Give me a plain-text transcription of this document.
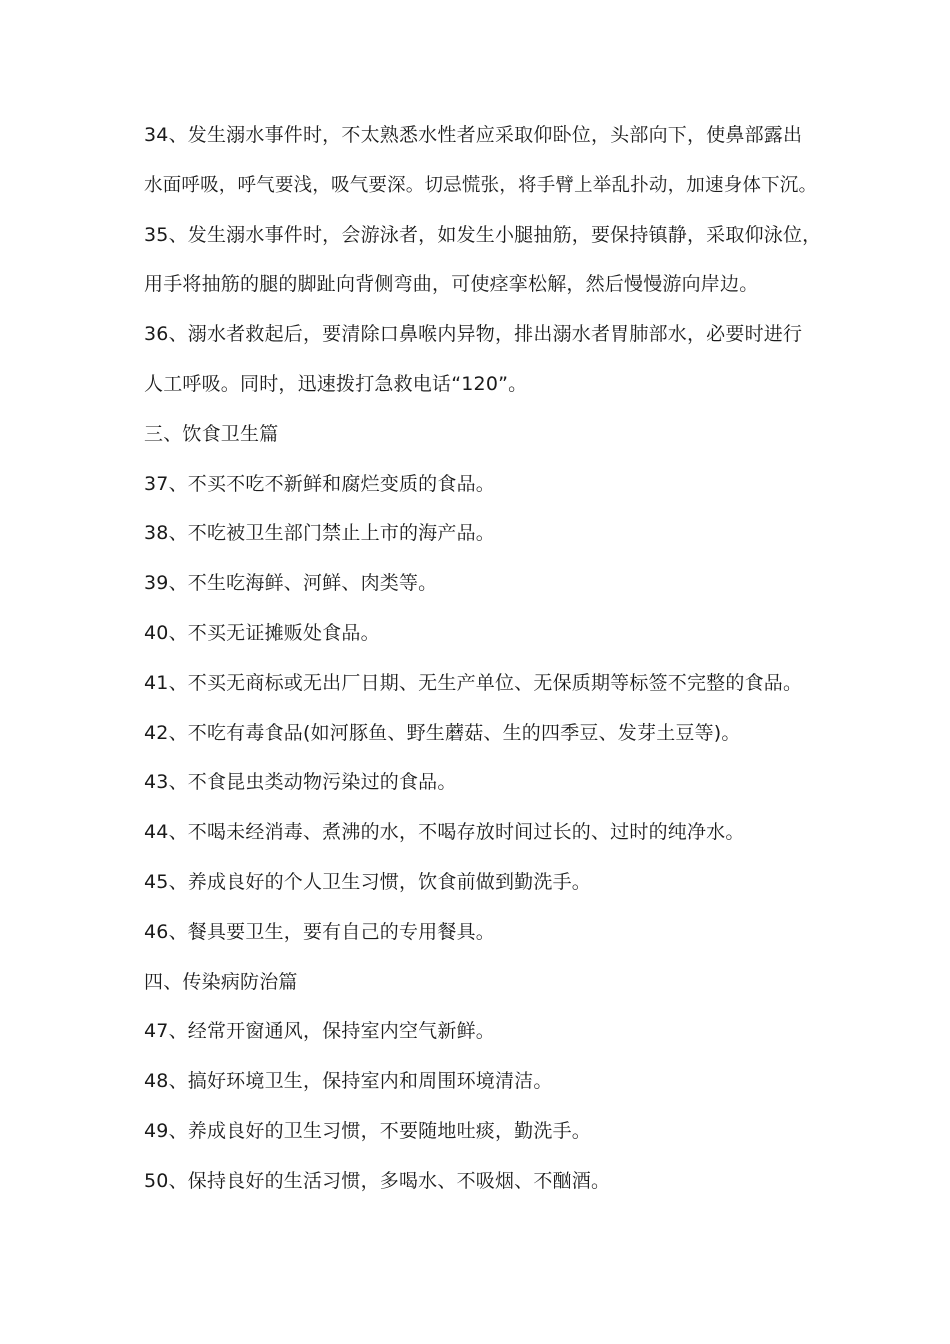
34、发生溺水事件时，不太熟悉水性者应采取仰卧位，头部向下，使鼻部露出
水面呼吸，呼气要浅，吸气要深。切忌慌张，将手臂上举乱扑动，加速身体下沉。
35、发生溺水事件时，会游泳者，如发生小腿抽筋，要保持镇静，采取仰泳位，
用手将抽筋的腿的脚趾向背侧弯曲，可使痉挛松解，然后慢慢游向岸边。
36、溺水者救起后，要清除口鼻喉内异物，排出溺水者胃肺部水，必要时进行
人工呼吸。同时，迅速拨打急救电话“120”。
三、饮食卫生篇
37、不买不吃不新鲜和腐烂变质的食品。
38、不吃被卫生部门禁止上市的海产品。
39、不生吃海鲜、河鲜、肉类等。
40、不买无证摊贩处食品。
41、不买无商标或无出厂日期、无生产单位、无保质期等标签不完整的食品。
42、不吃有毒食品(如河豚鱼、野生蘑菇、生的四季豆、发芽土豆等)。
43、不食昆虫类动物污染过的食品。
44、不喝未经消毒、煮沸的水，不喝存放时间过长的、过时的纯净水。
45、养成良好的个人卫生习惯，饮食前做到勤洗手。
46、餐具要卫生，要有自己的专用餐具。
四、传染病防治篇
47、经常开窗通风，保持室内空气新鲜。
48、搞好环境卫生，保持室内和周围环境清洁。
49、养成良好的卫生习惯，不要随地吐痰，勤洗手。
50、保持良好的生活习惯，多喝水、不吸烟、不酗酒。
